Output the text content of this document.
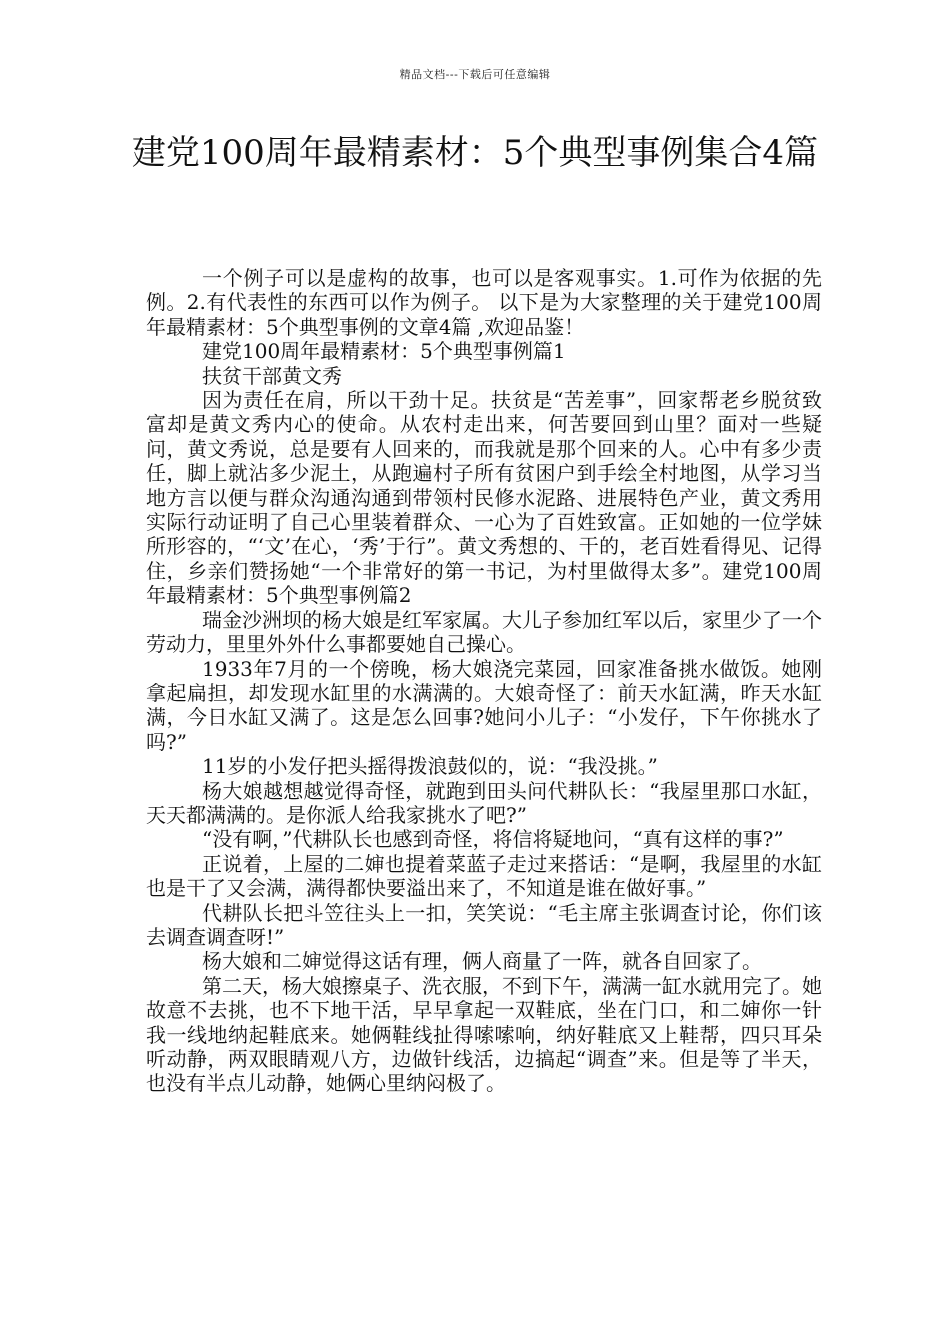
精品文档---下载后可任意编辑
建党100周年最精素材：5个典型事例集合4篇

一个例子可以是虚构的故事，也可以是客观事实。1.可作为依据的先例。2.有代表性的东西可以作为例子。 以下是为大家整理的关于建党100周年最精素材：5个典型事例的文章4篇 ,欢迎品鉴！

建党100周年最精素材：5个典型事例篇1

扶贫干部黄文秀

因为责任在肩，所以干劲十足。扶贫是“苦差事”，回家帮老乡脱贫致富却是黄文秀内心的使命。从农村走出来，何苦要回到山里？面对一些疑问，黄文秀说，总是要有人回来的，而我就是那个回来的人。心中有多少责任，脚上就沾多少泥土，从跑遍村子所有贫困户到手绘全村地图，从学习当地方言以便与群众沟通沟通到带领村民修水泥路、进展特色产业，黄文秀用实际行动证明了自己心里装着群众、一心为了百姓致富。正如她的一位学妹所形容的，“‘文’在心，‘秀’于行”。黄文秀想的、干的，老百姓看得见、记得住，乡亲们赞扬她“一个非常好的第一书记，为村里做得太多”。建党100周年最精素材：5个典型事例篇2

瑞金沙洲坝的杨大娘是红军家属。大儿子参加红军以后，家里少了一个劳动力，里里外外什么事都要她自己操心。

1933年7月的一个傍晚，杨大娘浇完菜园，回家准备挑水做饭。她刚拿起扁担，却发现水缸里的水满满的。大娘奇怪了：前天水缸满，昨天水缸满，今日水缸又满了。这是怎么回事?她问小儿子：“小发仔，下午你挑水了吗?”

11岁的小发仔把头摇得拨浪鼓似的，说：“我没挑。”

杨大娘越想越觉得奇怪，就跑到田头问代耕队长：“我屋里那口水缸，天天都满满的。是你派人给我家挑水了吧?”

“没有啊，”代耕队长也感到奇怪，将信将疑地问，“真有这样的事?”

正说着，上屋的二婶也提着菜蓝子走过来搭话：“是啊，我屋里的水缸也是干了又会满，满得都快要溢出来了，不知道是谁在做好事。”

代耕队长把斗笠往头上一扣，笑笑说：“毛主席主张调查讨论，你们该去调查调查呀!”

杨大娘和二婶觉得这话有理，俩人商量了一阵，就各自回家了。

第二天，杨大娘擦桌子、洗衣服，不到下午，满满一缸水就用完了。她故意不去挑，也不下地干活，早早拿起一双鞋底，坐在门口，和二婶你一针我一线地纳起鞋底来。她俩鞋线扯得嗦嗦响，纳好鞋底又上鞋帮，四只耳朵听动静，两双眼睛观八方，边做针线活，边搞起“调查”来。但是等了半天，也没有半点儿动静，她俩心里纳闷极了。
